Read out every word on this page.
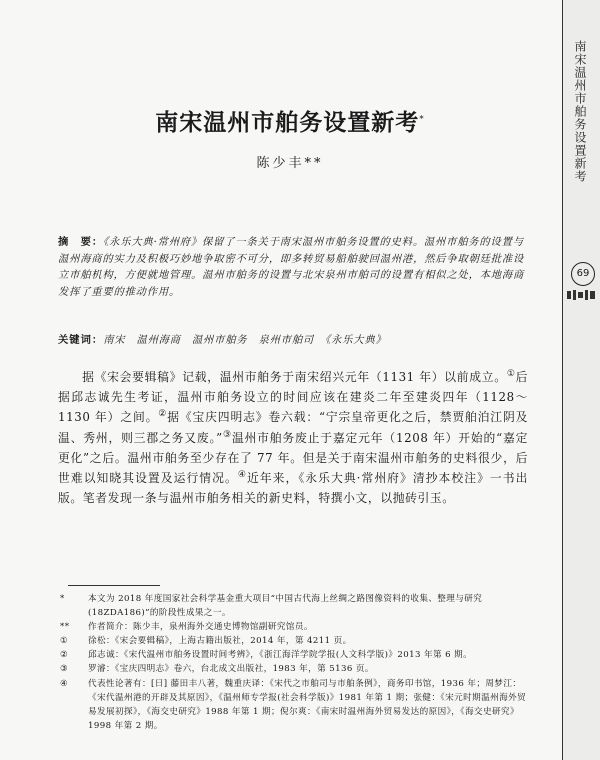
南宋温州市舶务设置新考
69
南宋温州市舶务设置新考*
陈少丰**
摘　要：《永乐大典·常州府》保留了一条关于南宋温州市舶务设置的史料。温州市舶务的设置与温州海商的实力及积极巧妙地争取密不可分，即多转贸易船舶驶回温州港，然后争取朝廷批准设立市舶机构，方便就地管理。温州市舶务的设置与北宋泉州市舶司的设置有相似之处，本地海商发挥了重要的推动作用。
关键词：南宋　温州海商　温州市舶务　泉州市舶司　《永乐大典》
据《宋会要辑稿》记载，温州市舶务于南宋绍兴元年（1131 年）以前成立。①后据邱志诚先生考证，温州市舶务设立的时间应该在建炎二年至建炎四年（1128～1130 年）之间。②据《宝庆四明志》卷六载：“宁宗皇帝更化之后，禁贾舶泊江阴及温、秀州，则三郡之务又废。”③温州市舶务废止于嘉定元年（1208 年）开始的“嘉定更化”之后。温州市舶务至少存在了 77 年。但是关于南宋温州市舶务的史料很少，后世难以知晓其设置及运行情况。④近年来，《永乐大典·常州府》清抄本校注》一书出版。笔者发现一条与温州市舶务相关的新史料，特撰小文，以抛砖引玉。
*	本文为 2018 年度国家社会科学基金重大项目“中国古代海上丝绸之路图像资料的收集、整理与研究(18ZDA186)”的阶段性成果之一。
** 作者简介：陈少丰，泉州海外交通史博物馆副研究馆员。
① 徐松：《宋会要辑稿》，上海古籍出版社，2014 年，第 4211 页。
② 邱志诚：《宋代温州市舶务设置时间考辨》，《浙江海洋学院学报(人文科学版)》2013 年第 6 期。
③ 罗濬：《宝庆四明志》卷六，台北成文出版社，1983 年，第 5136 页。
④ 代表性论著有：[日] 藤田丰八著，魏重庆译：《宋代之市舶司与市舶条例》，商务印书馆，1936 年；周梦江：《宋代温州港的开辟及其原因》，《温州师专学报(社会科学版)》1981 年第 1 期；张健：《宋元时期温州海外贸易发展初探》，《海交史研究》1988 年第 1 期；倪尔爽：《南宋时温州海外贸易发达的原因》，《海交史研究》1998 年第 2 期。
